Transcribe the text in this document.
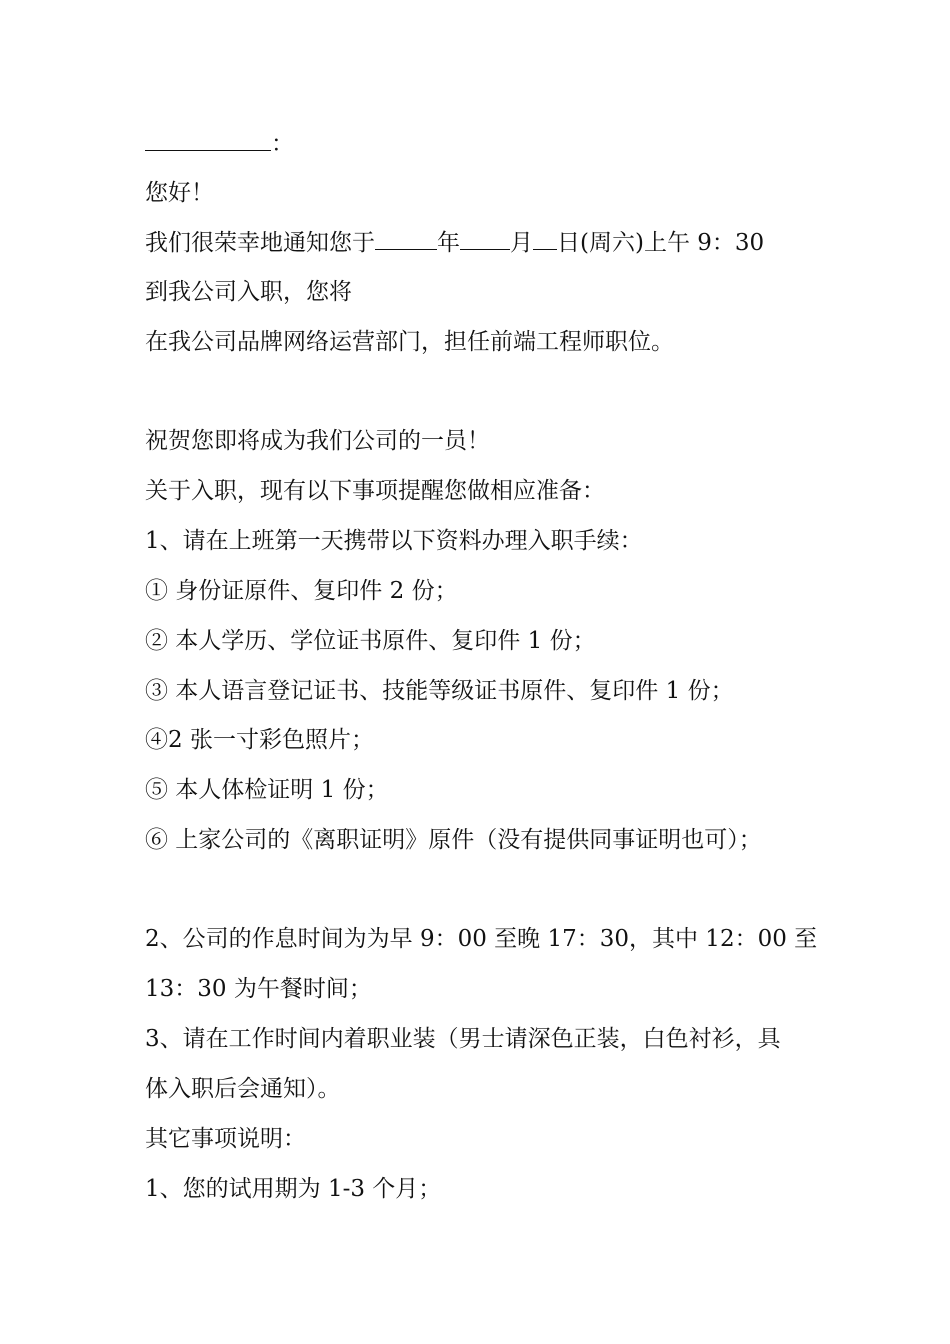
：
您好！
我们很荣幸地通知您于	年 月 日(周六)上午 9：30
到我公司入职，您将
在我公司品牌网络运营部门，担任前端工程师职位。
祝贺您即将成为我们公司的一员！
关于入职，现有以下事项提醒您做相应准备：
1、请在上班第一天携带以下资料办理入职手续：
① 身份证原件、复印件 2 份；
② 本人学历、学位证书原件、复印件 1 份；
③ 本人语言登记证书、技能等级证书原件、复印件 1 份；
④2 张一寸彩色照片；
⑤ 本人体检证明 1 份；
⑥ 上家公司的《离职证明》原件（没有提供同事证明也可）；
2、公司的作息时间为为早 9：00 至晚 17：30，其中 12：00 至
13：30 为午餐时间；
3、请在工作时间内着职业装（男士请深色正装，白色衬衫，具
体入职后会通知）。
其它事项说明：
1、您的试用期为 1-3 个月；
